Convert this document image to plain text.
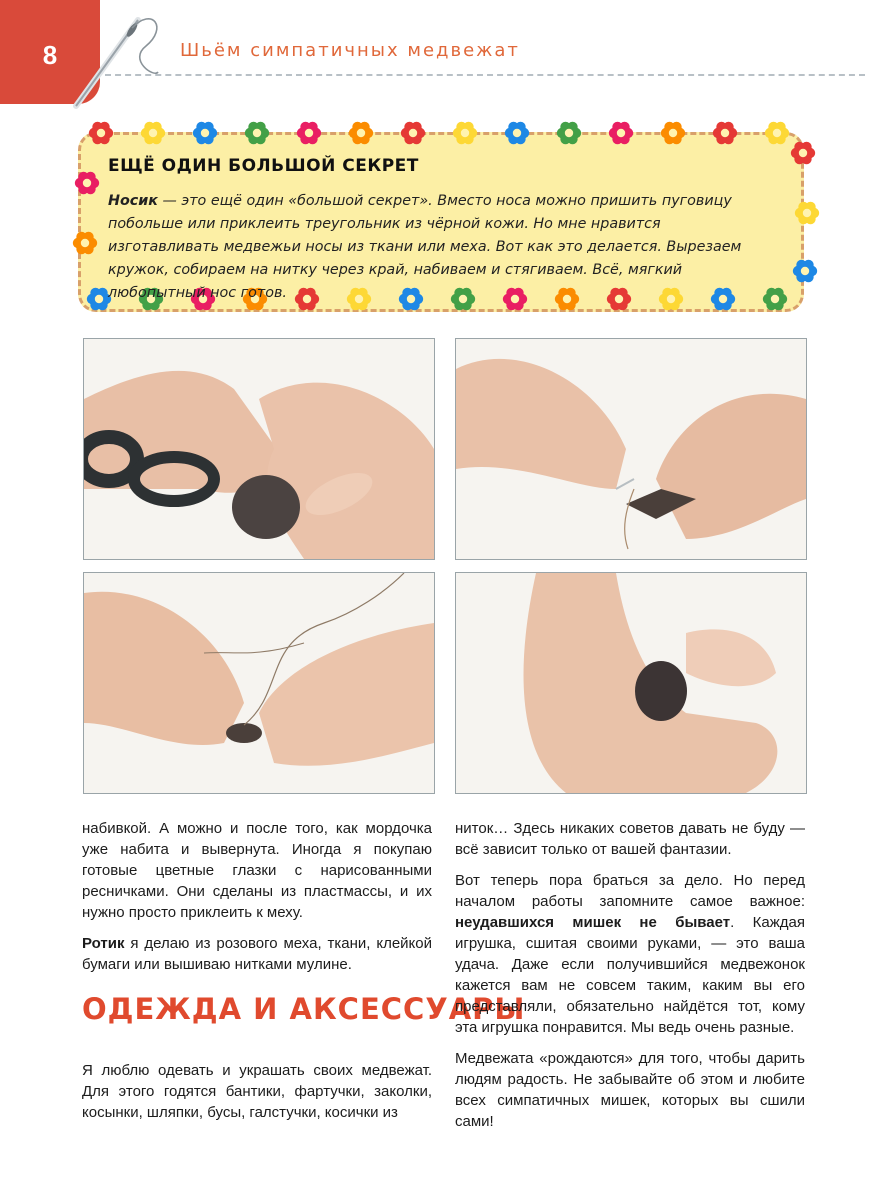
8	Шьём симпатичных медвежат
ЕЩЁ ОДИН БОЛЬШОЙ СЕКРЕТ
Носик — это ещё один «большой секрет». Вместо носа можно пришить пуговицу побольше или приклеить треугольник из чёрной кожи. Но мне нравится изготавливать медвежьи носы из ткани или меха. Вот как это делается. Вырезаем кружок, собираем на нитку через край, набиваем и стягиваем. Всё, мягкий любопытный нос готов.

набивкой. А можно и после того, как мордочка уже набита и вывернута. Иногда я покупаю готовые цветные глазки с нарисованными ресничками. Они сделаны из пластмассы, и их нужно просто приклеить к меху.

Ротик я делаю из розового меха, ткани, клейкой бумаги или вышиваю нитками мулине.

ОДЕЖДА И АКСЕССУАРЫ

Я люблю одевать и украшать своих медвежат. Для этого годятся бантики, фартучки, заколки, косынки, шляпки, бусы, галстучки, косички из

ниток… Здесь никаких советов давать не буду — всё зависит только от вашей фантазии.

Вот теперь пора браться за дело. Но перед началом работы запомните самое важное: неудавшихся мишек не бывает. Каждая игрушка, сшитая своими руками, — это ваша удача. Даже если получившийся медвежонок кажется вам не совсем таким, каким вы его представляли, обязательно найдётся тот, кому эта игрушка понравится. Мы ведь очень разные.

Медвежата «рождаются» для того, чтобы дарить людям радость. Не забывайте об этом и любите всех симпатичных мишек, которых вы сшили сами!
